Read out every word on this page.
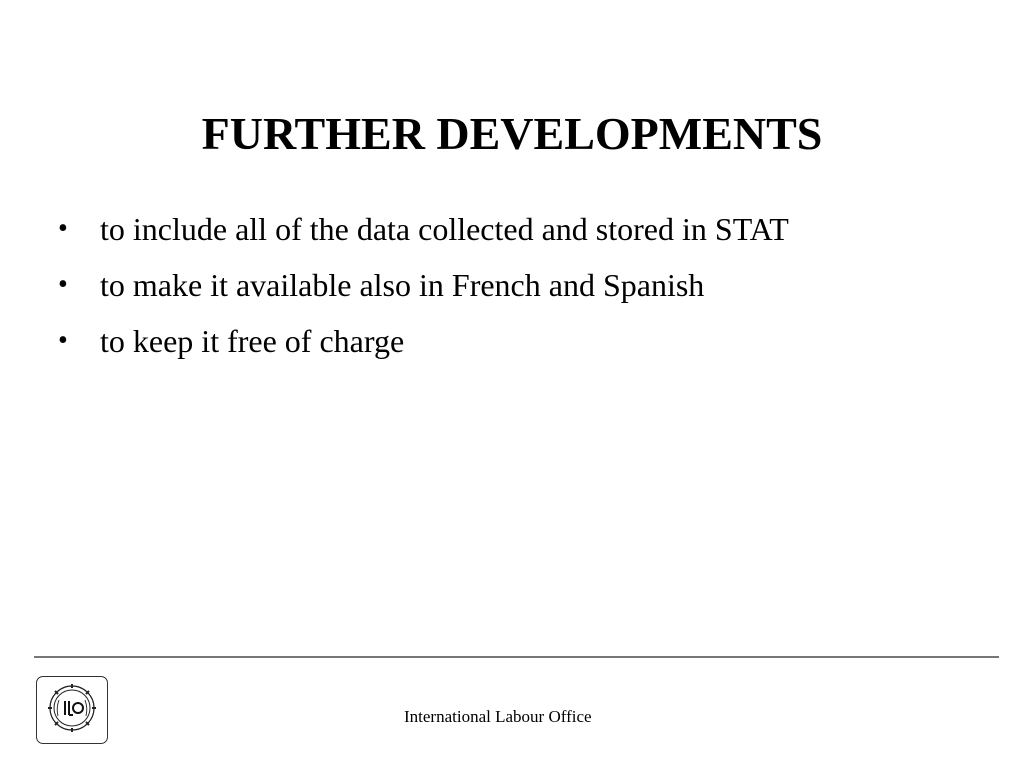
FURTHER DEVELOPMENTS
• to include all of the data collected and stored in STAT
• to make it available also in French and Spanish
• to keep it free of charge
International Labour Office
